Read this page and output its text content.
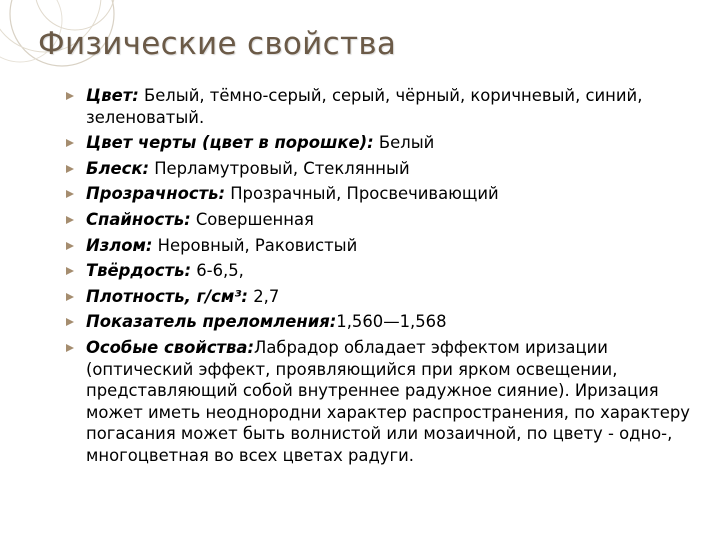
Физические свойства
Цвет: Белый, тёмно-серый, серый, чёрный, коричневый, синий, зеленоватый.
Цвет черты (цвет в порошке): Белый
Блеск: Перламутровый, Стеклянный
Прозрачность: Прозрачный, Просвечивающий
Спайность: Совершенная
Излом: Неровный, Раковистый
Твёрдость: 6-6,5,
Плотность, г/см³: 2,7
Показатель преломления:1,560—1,568
Особые свойства:Лабрадор обладает эффектом иризации (оптический эффект, проявляющийся при ярком освещении, представляющий собой внутреннее радужное сияние). Иризация может иметь неоднородни характер распространения, по характеру погасания может быть волнистой или мозаичной, по цвету - одно-, многоцветная во всех цветах радуги.
